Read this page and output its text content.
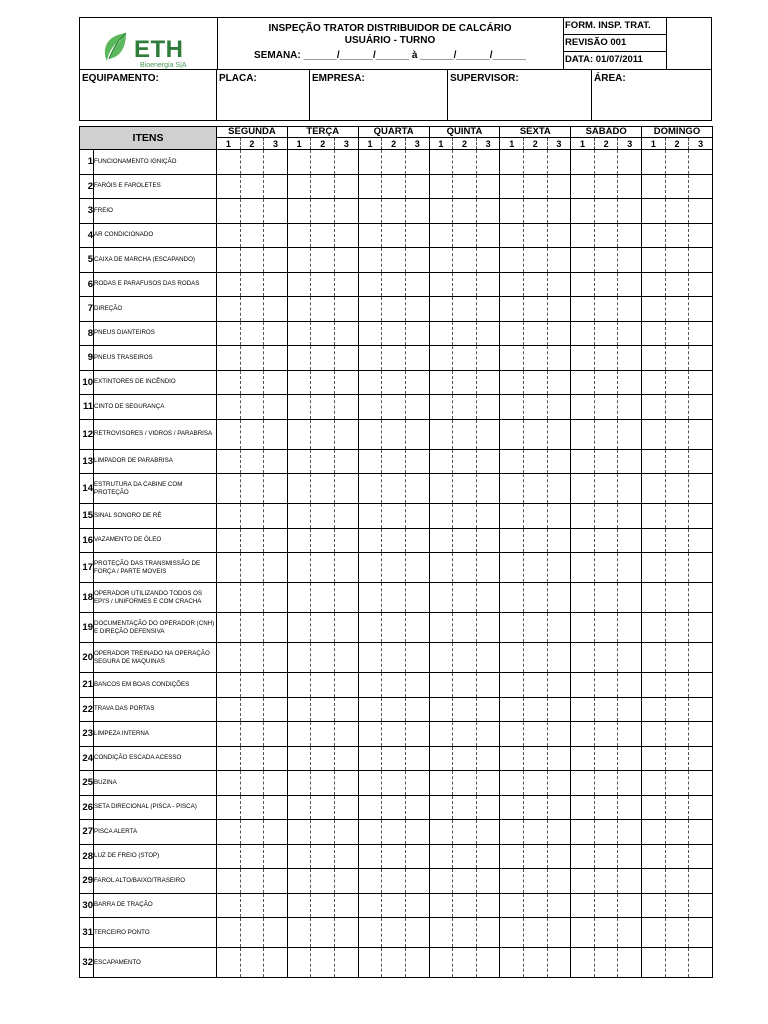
ETH
Bioenergia S|A
INSPEÇÃO TRATOR DISTRIBUIDOR DE CALCÁRIO
USUÁRIO - TURNO
SEMANA: ______/______/______ à ______/______/______
FORM. INSP. TRAT.
REVISÃO 001
DATA: 01/07/2011
EQUIPAMENTO:	PLACA:	EMPRESA:	SUPERVISOR:	ÁREA:
ITENS		SEGUNDA			TERÇA			QUARTA			QUINTA			SEXTA			SÁBADO			DOMINGO		
		1	2	3	1	2	3	1	2	3	1	2	3	1	2	3	1	2	3	1	2	3
1	FUNCIONAMENTO IGNIÇÃO																					
2	FARÓIS E FAROLETES																					
3	FREIO																					
4	AR CONDICIONADO																					
5	CAIXA DE MARCHA (ESCAPANDO)																					
6	RODAS E PARAFUSOS DAS RODAS																					
7	DIREÇÃO																					
8	PNEUS DIANTEIROS																					
9	PNEUS TRASEIROS																					
10	EXTINTORES DE INCÊNDIO																					
11	CINTO DE SEGURANÇA																					
12	RETROVISORES / VIDROS / PARABRISA																					
13	LIMPADOR DE PARABRISA																					
14	ESTRUTURA DA CABINE COM PROTEÇÃO																					
15	SINAL SONORO DE RÉ																					
16	VAZAMENTO DE ÓLEO																					
17	PROTEÇÃO DAS TRANSMISSÃO DE FORÇA / PARTE MOVEIS																					
18	OPERADOR UTILIZANDO TODOS OS EPI'S / UNIFORMES E COM CRACHA																					
19	DOCUMENTAÇÃO DO OPERADOR (CNH) E DIREÇÃO DEFENSIVA																					
20	OPERADOR TREINADO NA OPERAÇÃO SEGURA DE MAQUINAS																					
21	BANCOS EM BOAS CONDIÇÕES																					
22	TRAVA DAS PORTAS																					
23	LIMPEZA INTERNA																					
24	CONDIÇÃO ESCADA ACESSO																					
25	BUZINA																					
26	SETA DIRECIONAL (PISCA - PISCA)																					
27	PISCA ALERTA																					
28	LUZ DE FREIO (STOP)																					
29	FAROL ALTO/BAIXO/TRASEIRO																					
30	BARRA DE TRAÇÃO																					
31	TERCEIRO PONTO																					
32	ESCAPAMENTO																					
